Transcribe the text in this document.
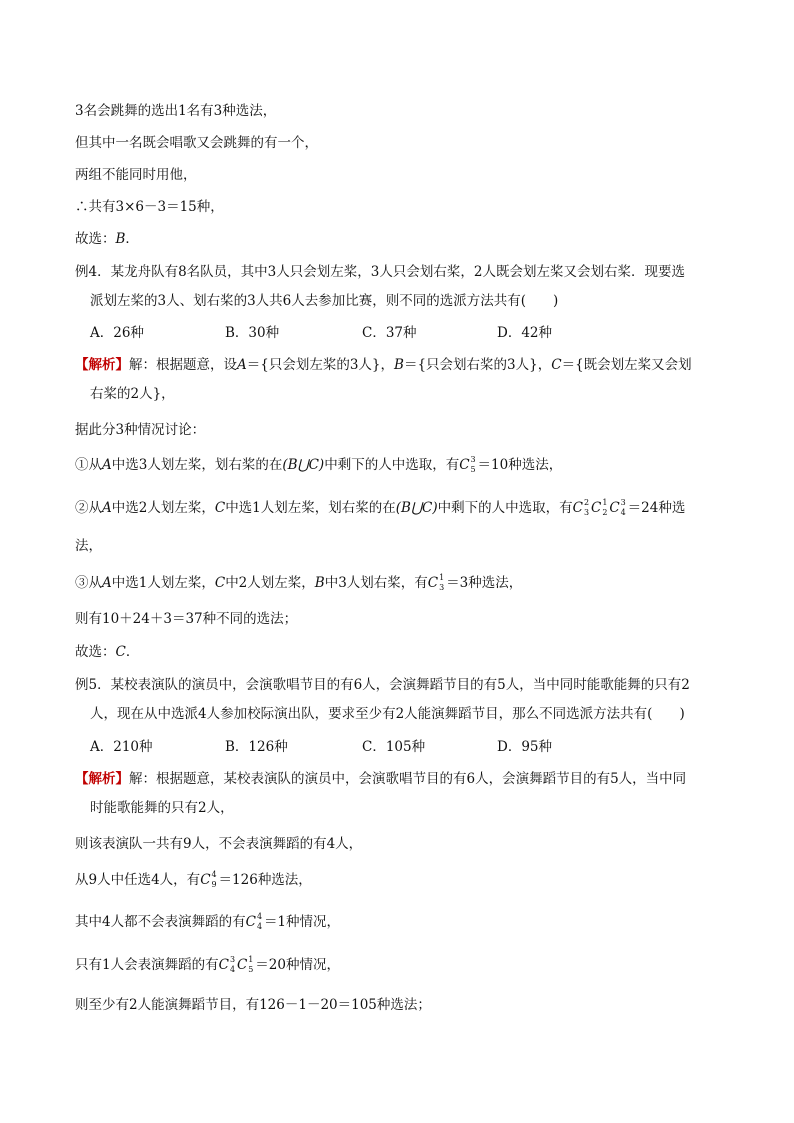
3名会跳舞的选出1名有3种选法，
但其中一名既会唱歌又会跳舞的有一个，
两组不能同时用他，
∴共有3×6－3＝15种，
故选：B．
例4．某龙舟队有8名队员，其中3人只会划左桨，3人只会划右桨，2人既会划左桨又会划右桨．现要选
派划左桨的3人、划右桨的3人共6人去参加比赛，则不同的选派方法共有(　　)
A．26种	B．30种	C．37种	D．42种
【解析】解：根据题意，设A＝{只会划左桨的3人}，B＝{只会划右桨的3人}，C＝{既会划左桨又会划
右桨的2人}，
据此分3种情况讨论：
①从A中选3人划左桨，划右桨的在(B⋃C)中剩下的人中选取，有C 3
5 ＝10种选法，
②从A中选2人划左桨，C中选1人划左桨，划右桨的在(B⋃C)中剩下的人中选取，有C 2
3 C 1
2 C 3
4 ＝24种选
法，
③从A中选1人划左桨，C中2人划左桨，B中3人划右桨，有C 1
3 ＝3种选法，
则有10＋24＋3＝37种不同的选法；
故选：C．
例5．某校表演队的演员中，会演歌唱节目的有6人，会演舞蹈节目的有5人，当中同时能歌能舞的只有2
人，现在从中选派4人参加校际演出队，要求至少有2人能演舞蹈节目，那么不同选派方法共有(　　)
A．210种	B．126种	C．105种	D．95种
【解析】解：根据题意，某校表演队的演员中，会演歌唱节目的有6人，会演舞蹈节目的有5人，当中同
时能歌能舞的只有2人，
则该表演队一共有9人，不会表演舞蹈的有4人，
从9人中任选4人，有C 4
9 ＝126种选法，
其中4人都不会表演舞蹈的有C 4
4 ＝1种情况，
只有1人会表演舞蹈的有C 3
4 C 1
5 ＝20种情况，
则至少有2人能演舞蹈节目，有126－1－20＝105种选法；
